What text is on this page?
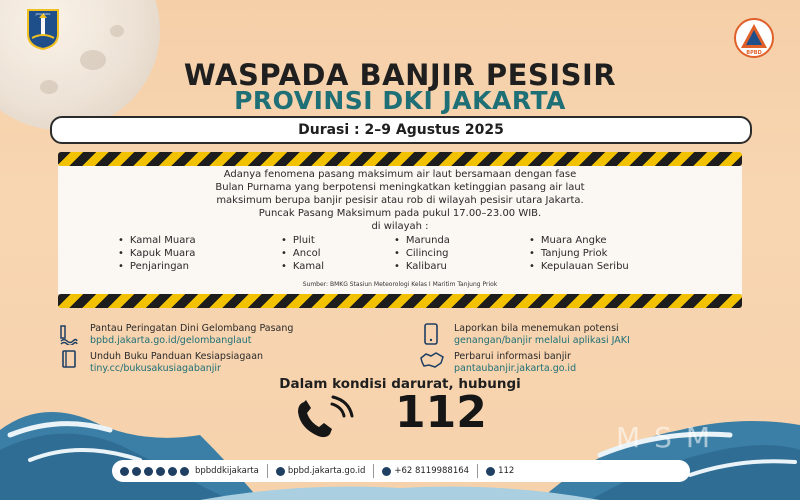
JAYA RAYA
BPBD
WASPADA BANJIR PESISIR
PROVINSI DKI JAKARTA
Durasi : 2–9 Agustus 2025
Adanya fenomena pasang maksimum air laut bersamaan dengan fase
Bulan Purnama yang berpotensi meningkatkan ketinggian pasang air laut
maksimum berupa banjir pesisir atau rob di wilayah pesisir utara Jakarta.
Puncak Pasang Maksimum pada pukul 17.00–23.00 WIB.
di wilayah :
• Kamal Muara
• Kapuk Muara
• Penjaringan
• Pluit
• Ancol
• Kamal
• Marunda
• Cilincing
• Kalibaru
• Muara Angke
• Tanjung Priok
• Kepulauan Seribu
Sumber: BMKG Stasiun Meteorologi Kelas I Maritim Tanjung Priok
Pantau Peringatan Dini Gelombang Pasang
bpbd.jakarta.go.id/gelombanglaut
Laporkan bila menemukan potensi
genangan/banjir melalui aplikasi JAKI
Unduh Buku Panduan Kesiapsiagaan
tiny.cc/bukusakusiagabanjir
Perbarui informasi banjir
pantaubanjir.jakarta.go.id
Dalam kondisi darurat, hubungi
112	MSM
bpbddkijakarta	bpbd.jakarta.go.id	+62 8119988164	112
